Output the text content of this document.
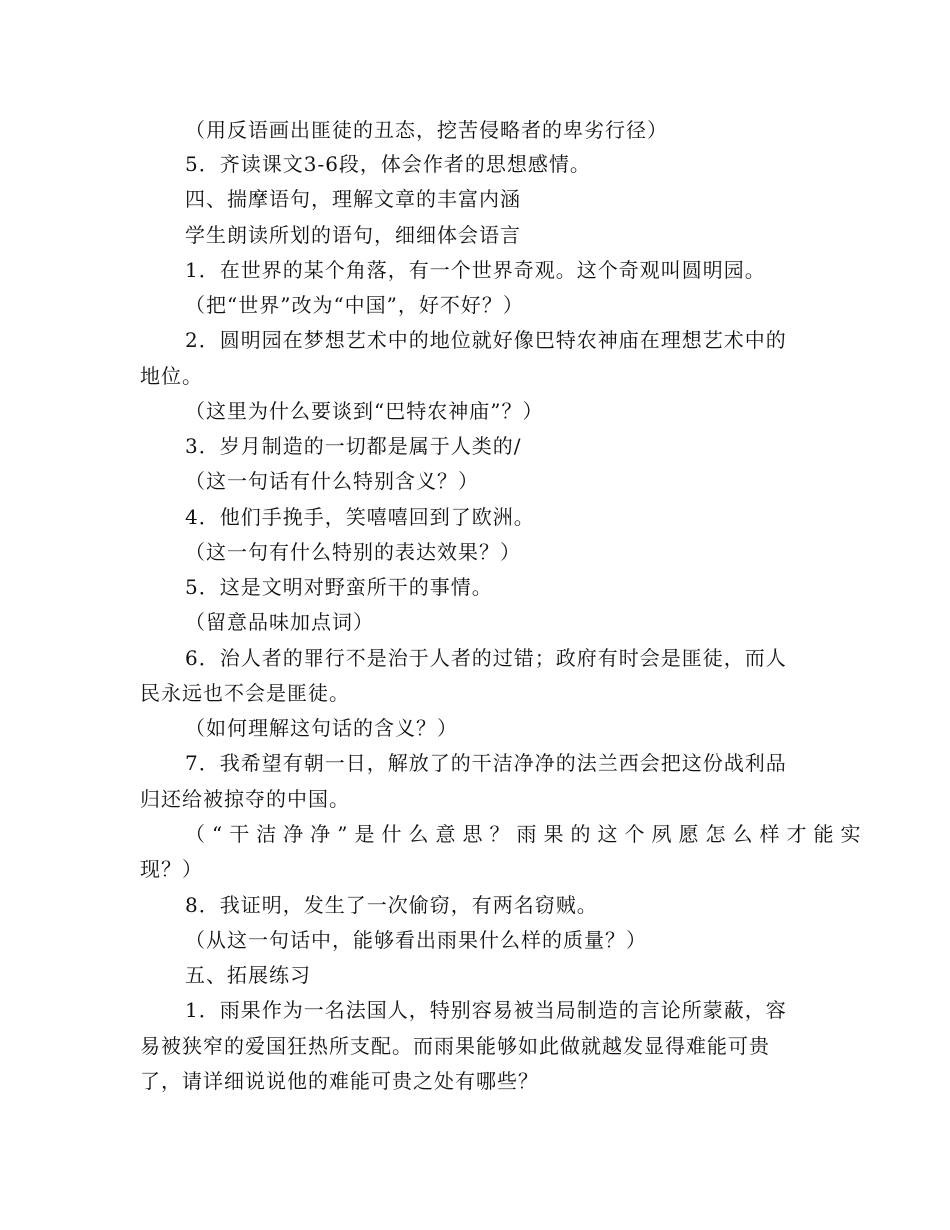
（用反语画出匪徒的丑态，挖苦侵略者的卑劣行径）
5．齐读课文3-6段，体会作者的思想感情。
四、揣摩语句，理解文章的丰富内涵
学生朗读所划的语句，细细体会语言
1．在世界的某个角落，有一个世界奇观。这个奇观叫圆明园。
（把“世界”改为“中国”，好不好？）
2．圆明园在梦想艺术中的地位就好像巴特农神庙在理想艺术中的
地位。
（这里为什么要谈到“巴特农神庙”？）
3．岁月制造的一切都是属于人类的/
（这一句话有什么特别含义？）
4．他们手挽手，笑嘻嘻回到了欧洲。
（这一句有什么特别的表达效果？）
5．这是文明对野蛮所干的事情。
（留意品味加点词）
6．治人者的罪行不是治于人者的过错；政府有时会是匪徒，而人
民永远也不会是匪徒。
（如何理解这句话的含义？）
7．我希望有朝一日，解放了的干洁净净的法兰西会把这份战利品
归还给被掠夺的中国。
（“干洁净净”是什么意思？雨果的这个夙愿怎么样才能实
现？）
8．我证明，发生了一次偷窃，有两名窃贼。
（从这一句话中，能够看出雨果什么样的质量？）
五、拓展练习
1．雨果作为一名法国人，特别容易被当局制造的言论所蒙蔽，容
易被狭窄的爱国狂热所支配。而雨果能够如此做就越发显得难能可贵
了，请详细说说他的难能可贵之处有哪些？
